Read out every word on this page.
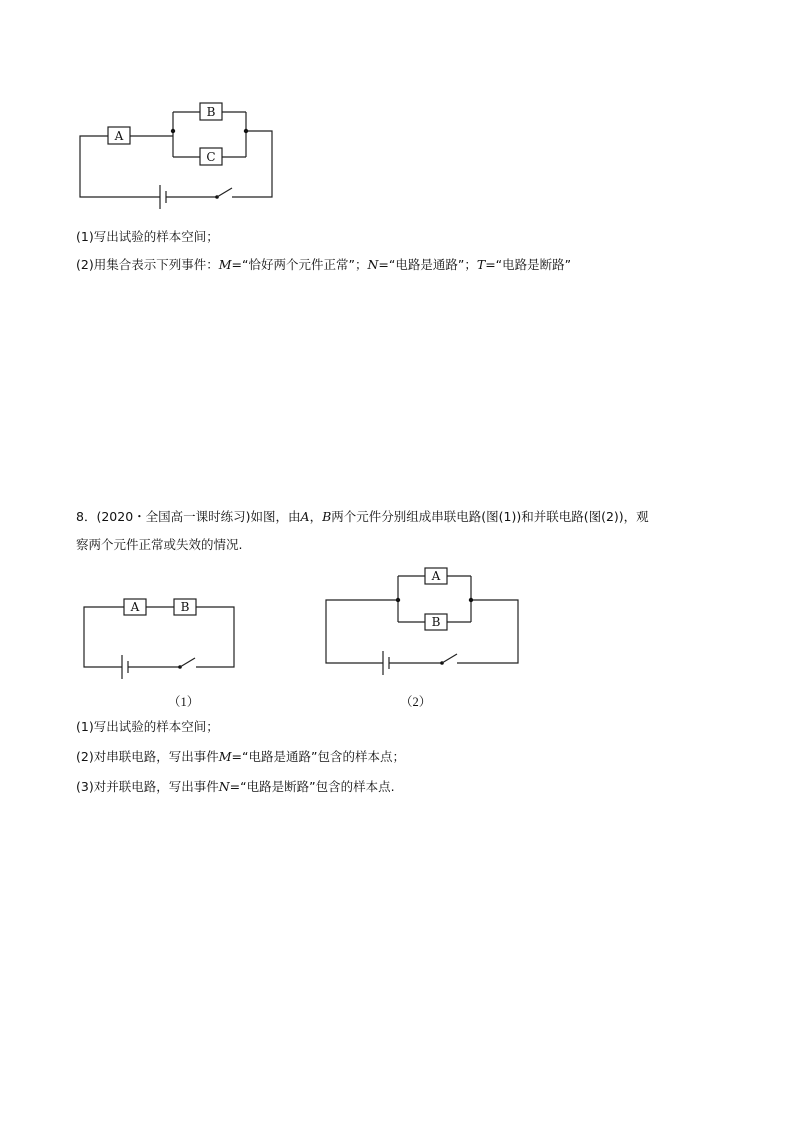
A
B
C
(1)写出试验的样本空间；
(2)用集合表示下列事件：M=“恰好两个元件正常”；N=“电路是通路”；T=“电路是断路”
8．(2020・全国高一课时练习)如图，由A，B两个元件分别组成串联电路(图(1))和并联电路(图(2))，观
察两个元件正常或失效的情况.
A	B
（1）
A
B
（2）
(1)写出试验的样本空间；
(2)对串联电路，写出事件M=“电路是通路”包含的样本点；
(3)对并联电路，写出事件N=“电路是断路”包含的样本点.
